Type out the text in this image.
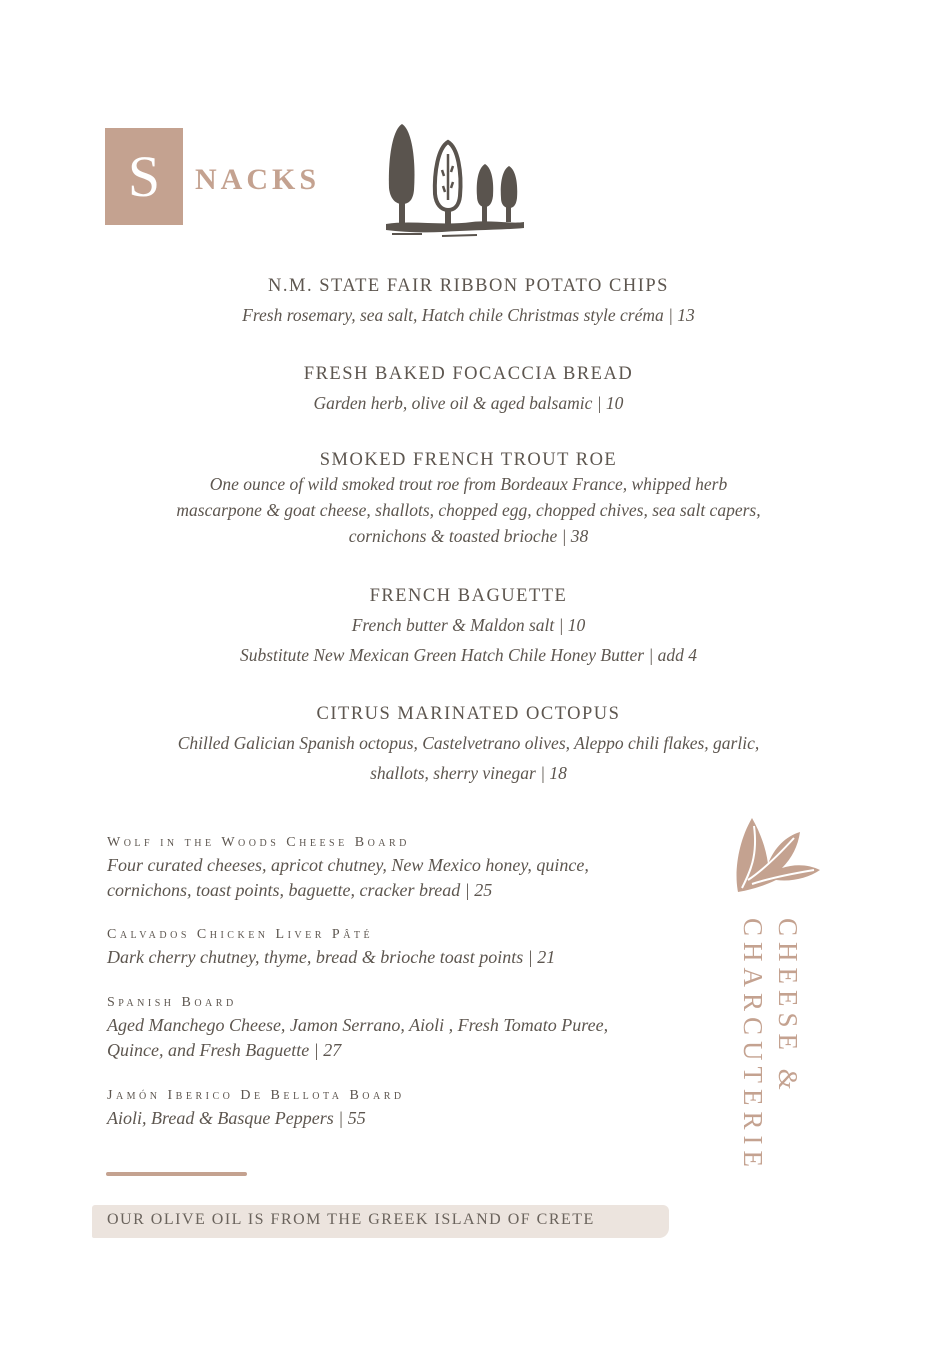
S NACKS
N.M. STATE FAIR RIBBON POTATO CHIPS
Fresh rosemary, sea salt, Hatch chile Christmas style créma | 13
FRESH BAKED FOCACCIA BREAD
Garden herb, olive oil & aged balsamic | 10
SMOKED FRENCH TROUT ROE
One ounce of wild smoked trout roe from Bordeaux France, whipped herb
mascarpone & goat cheese, shallots, chopped egg, chopped chives, sea salt capers,
cornichons & toasted brioche | 38
FRENCH BAGUETTE
French butter & Maldon salt | 10
Substitute New Mexican Green Hatch Chile Honey Butter | add 4
CITRUS MARINATED OCTOPUS
Chilled Galician Spanish octopus, Castelvetrano olives, Aleppo chili flakes, garlic,
shallots, sherry vinegar | 18
Wolf in the Woods Cheese Board
Four curated cheeses, apricot chutney, New Mexico honey, quince,
cornichons, toast points, baguette, cracker bread | 25
Calvados Chicken Liver Pâté
Dark cherry chutney, thyme, bread & brioche toast points | 21
Spanish Board
Aged Manchego Cheese, Jamon Serrano, Aioli , Fresh Tomato Puree,
Quince, and Fresh Baguette | 27
Jamón Iberico De Bellota Board
Aioli, Bread & Basque Peppers | 55
OUR OLIVE OIL IS FROM THE GREEK ISLAND OF CRETE
CHEESE &
CHARCUTERIE
